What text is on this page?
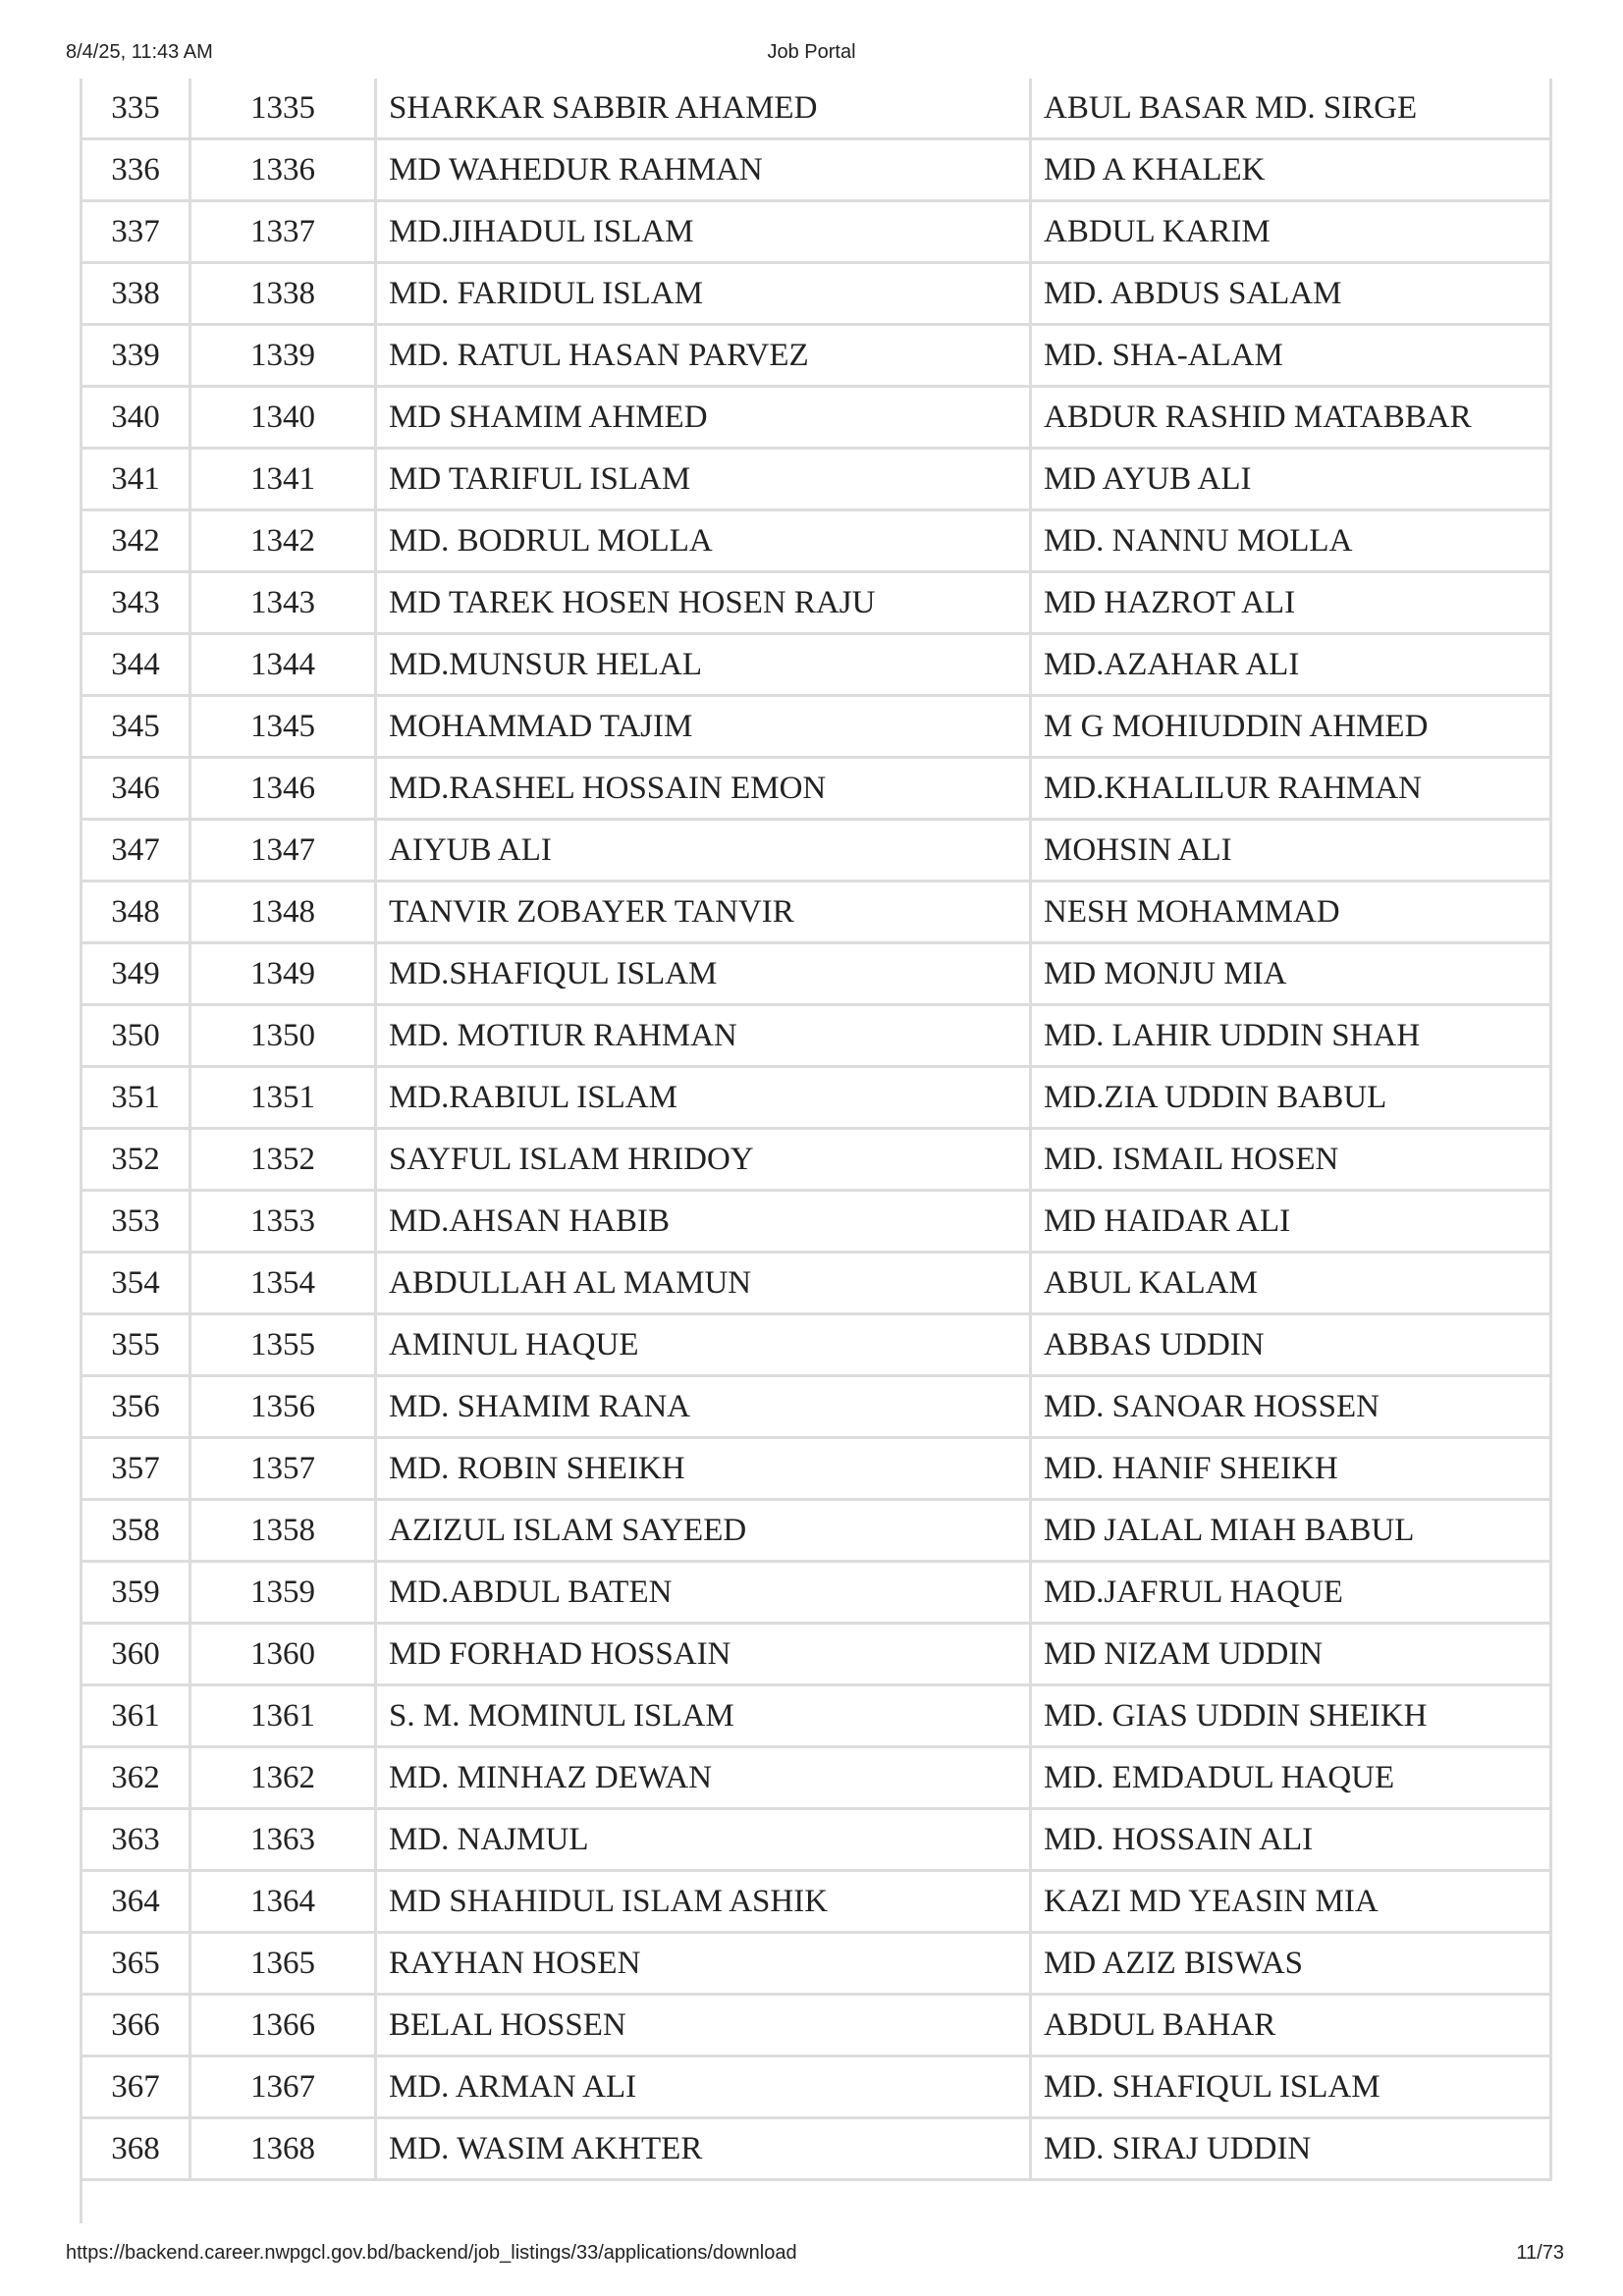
8/4/25, 11:43 AM	Job Portal
335	1335	SHARKAR SABBIR AHAMED	ABUL BASAR MD. SIRGE
336	1336	MD WAHEDUR RAHMAN	MD A KHALEK
337	1337	MD.JIHADUL ISLAM	ABDUL KARIM
338	1338	MD. FARIDUL ISLAM	MD. ABDUS SALAM
339	1339	MD. RATUL HASAN PARVEZ	MD. SHA-ALAM
340	1340	MD SHAMIM AHMED	ABDUR RASHID MATABBAR
341	1341	MD TARIFUL ISLAM	MD AYUB ALI
342	1342	MD. BODRUL MOLLA	MD. NANNU MOLLA
343	1343	MD TAREK HOSEN HOSEN RAJU	MD HAZROT ALI
344	1344	MD.MUNSUR HELAL	MD.AZAHAR ALI
345	1345	MOHAMMAD TAJIM	M G MOHIUDDIN AHMED
346	1346	MD.RASHEL HOSSAIN EMON	MD.KHALILUR RAHMAN
347	1347	AIYUB ALI	MOHSIN ALI
348	1348	TANVIR ZOBAYER TANVIR	NESH MOHAMMAD
349	1349	MD.SHAFIQUL ISLAM	MD MONJU MIA
350	1350	MD. MOTIUR RAHMAN	MD. LAHIR UDDIN SHAH
351	1351	MD.RABIUL ISLAM	MD.ZIA UDDIN BABUL
352	1352	SAYFUL ISLAM HRIDOY	MD. ISMAIL HOSEN
353	1353	MD.AHSAN HABIB	MD HAIDAR ALI
354	1354	ABDULLAH AL MAMUN	ABUL KALAM
355	1355	AMINUL HAQUE	ABBAS UDDIN
356	1356	MD. SHAMIM RANA	MD. SANOAR HOSSEN
357	1357	MD. ROBIN SHEIKH	MD. HANIF SHEIKH
358	1358	AZIZUL ISLAM SAYEED	MD JALAL MIAH BABUL
359	1359	MD.ABDUL BATEN	MD.JAFRUL HAQUE
360	1360	MD FORHAD HOSSAIN	MD NIZAM UDDIN
361	1361	S. M. MOMINUL ISLAM	MD. GIAS UDDIN SHEIKH
362	1362	MD. MINHAZ DEWAN	MD. EMDADUL HAQUE
363	1363	MD. NAJMUL	MD. HOSSAIN ALI
364	1364	MD SHAHIDUL ISLAM ASHIK	KAZI MD YEASIN MIA
365	1365	RAYHAN HOSEN	MD AZIZ BISWAS
366	1366	BELAL HOSSEN	ABDUL BAHAR
367	1367	MD. ARMAN ALI	MD. SHAFIQUL ISLAM
368	1368	MD. WASIM AKHTER	MD. SIRAJ UDDIN
https://backend.career.nwpgcl.gov.bd/backend/job_listings/33/applications/download	11/73
